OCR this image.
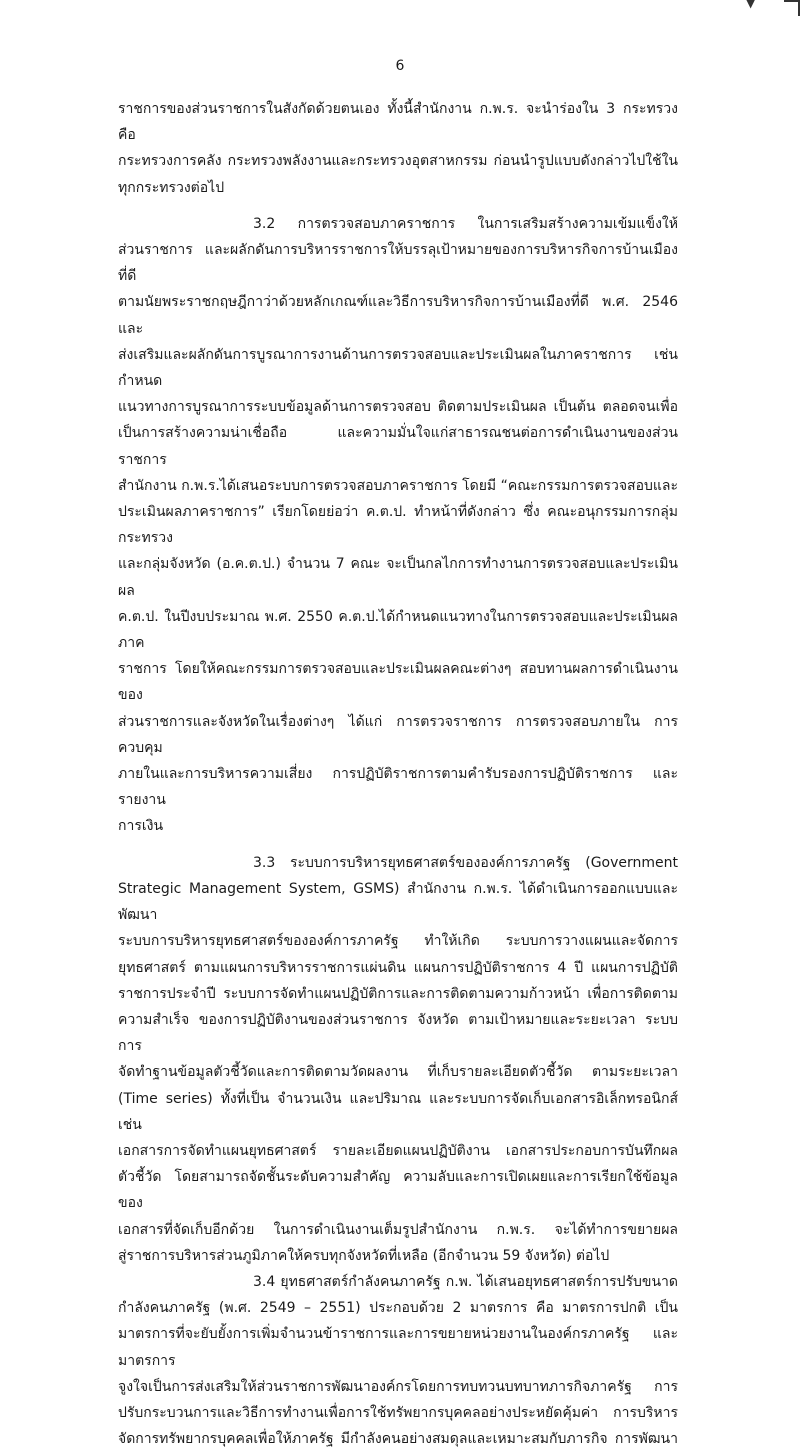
▼
6

ราชการของส่วนราชการในสังกัดด้วยตนเอง ทั้งนี้สำนักงาน ก.พ.ร. จะนำร่องใน 3 กระทรวง คือ
กระทรวงการคลัง กระทรวงพลังงานและกระทรวงอุตสาหกรรม ก่อนนำรูปแบบดังกล่าวไปใช้ใน
ทุกกระทรวงต่อไป

3.2 การตรวจสอบภาคราชการ ในการเสริมสร้างความเข้มแข็งให้
ส่วนราชการ และผลักดันการบริหารราชการให้บรรลุเป้าหมายของการบริหารกิจการบ้านเมืองที่ดี
ตามนัยพระราชกฤษฎีกาว่าด้วยหลักเกณฑ์และวิธีการบริหารกิจการบ้านเมืองที่ดี พ.ศ. 2546 และ
ส่งเสริมและผลักดันการบูรณาการงานด้านการตรวจสอบและประเมินผลในภาคราชการ เช่น กำหนด
แนวทางการบูรณาการระบบข้อมูลด้านการตรวจสอบ ติดตามประเมินผล เป็นต้น ตลอดจนเพื่อ
เป็นการสร้างความน่าเชื่อถือ และความมั่นใจแก่สาธารณชนต่อการดำเนินงานของส่วนราชการ
สำนักงาน ก.พ.ร.ได้เสนอระบบการตรวจสอบภาคราชการ โดยมี “คณะกรรมการตรวจสอบและ
ประเมินผลภาคราชการ” เรียกโดยย่อว่า ค.ต.ป. ทำหน้าที่ดังกล่าว ซึ่ง คณะอนุกรรมการกลุ่มกระทรวง
และกลุ่มจังหวัด (อ.ค.ต.ป.) จำนวน 7 คณะ จะเป็นกลไกการทำงานการตรวจสอบและประเมินผล
ค.ต.ป. ในปีงบประมาณ พ.ศ. 2550 ค.ต.ป.ได้กำหนดแนวทางในการตรวจสอบและประเมินผลภาค
ราชการ โดยให้คณะกรรมการตรวจสอบและประเมินผลคณะต่างๆ สอบทานผลการดำเนินงานของ
ส่วนราชการและจังหวัดในเรื่องต่างๆ ได้แก่ การตรวจราชการ การตรวจสอบภายใน การควบคุม
ภายในและการบริหารความเสี่ยง การปฏิบัติราชการตามคำรับรองการปฏิบัติราชการ และรายงาน
การเงิน

3.3 ระบบการบริหารยุทธศาสตร์ขององค์การภาครัฐ (Government
Strategic Management System, GSMS) สำนักงาน ก.พ.ร. ได้ดำเนินการออกแบบและพัฒนา
ระบบการบริหารยุทธศาสตร์ขององค์การภาครัฐ ทำให้เกิด ระบบการวางแผนและจัดการ
ยุทธศาสตร์ ตามแผนการบริหารราชการแผ่นดิน แผนการปฏิบัติราชการ 4 ปี แผนการปฏิบัติ
ราชการประจำปี ระบบการจัดทำแผนปฏิบัติการและการติดตามความก้าวหน้า เพื่อการติดตาม
ความสำเร็จ ของการปฏิบัติงานของส่วนราชการ จังหวัด ตามเป้าหมายและระยะเวลา ระบบการ
จัดทำฐานข้อมูลตัวชี้วัดและการติดตามวัดผลงาน ที่เก็บรายละเอียดตัวชี้วัด ตามระยะเวลา
(Time series) ทั้งที่เป็น จำนวนเงิน และปริมาณ และระบบการจัดเก็บเอกสารอิเล็กทรอนิกส์ เช่น
เอกสารการจัดทำแผนยุทธศาสตร์ รายละเอียดแผนปฏิบัติงาน เอกสารประกอบการบันทึกผล
ตัวชี้วัด โดยสามารถจัดชั้นระดับความสำคัญ ความลับและการเปิดเผยและการเรียกใช้ข้อมูลของ
เอกสารที่จัดเก็บอีกด้วย ในการดำเนินงานเต็มรูปสำนักงาน ก.พ.ร. จะได้ทำการขยายผล
สู่ราชการบริหารส่วนภูมิภาคให้ครบทุกจังหวัดที่เหลือ (อีกจำนวน 59 จังหวัด) ต่อไป

3.4 ยุทธศาสตร์กำลังคนภาครัฐ ก.พ. ได้เสนอยุทธศาสตร์การปรับขนาด
กำลังคนภาครัฐ (พ.ศ. 2549 – 2551) ประกอบด้วย 2 มาตรการ คือ มาตรการปกติ เป็น
มาตรการที่จะยับยั้งการเพิ่มจำนวนข้าราชการและการขยายหน่วยงานในองค์กรภาครัฐ และมาตรการ
จูงใจเป็นการส่งเสริมให้ส่วนราชการพัฒนาองค์กรโดยการทบทวนบทบาทภารกิจภาครัฐ การ
ปรับกระบวนการและวิธีการทำงานเพื่อการใช้ทรัพยากรบุคคลอย่างประหยัดคุ้มค่า การบริหาร
จัดการทรัพยากรบุคคลเพื่อให้ภาครัฐ มีกำลังคนอย่างสมดุลและเหมาะสมกับภารกิจ การพัฒนา
